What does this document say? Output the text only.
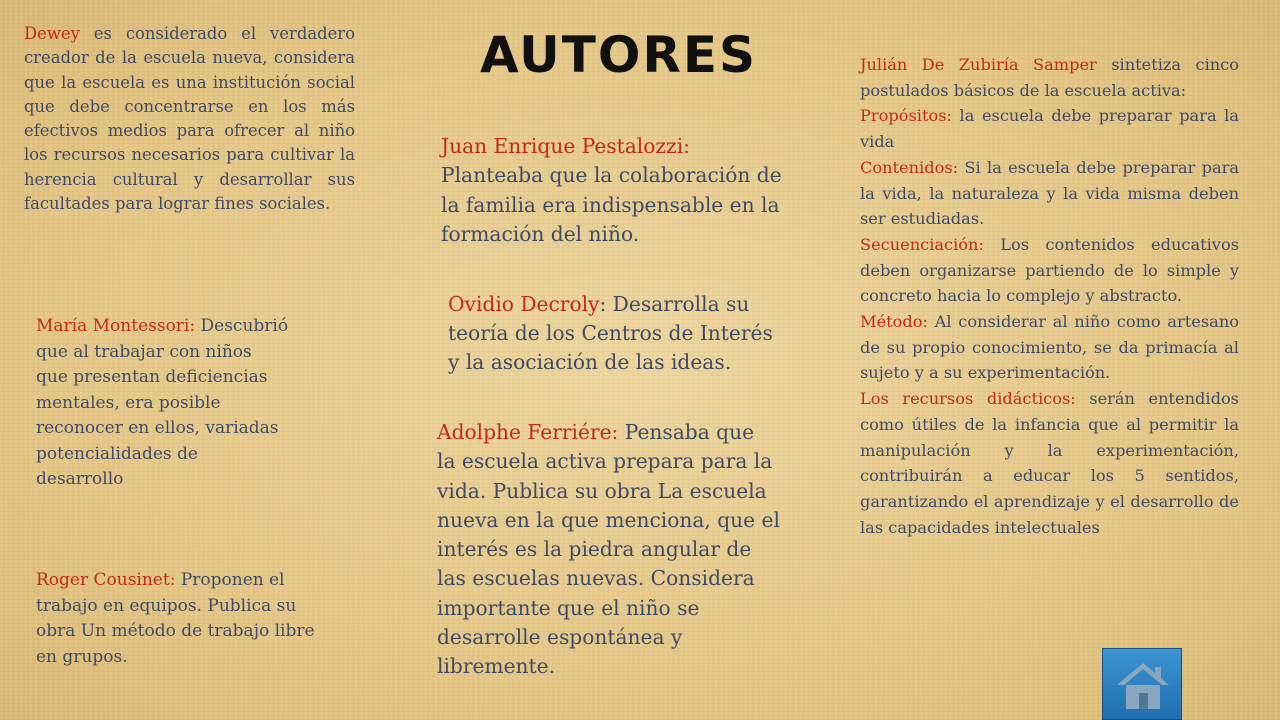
AUTORES
Dewey es considerado el verdadero creador de la escuela nueva, considera que la escuela es una institución social que debe concentrarse en los más efectivos medios para ofrecer al niño los recursos necesarios para cultivar la herencia cultural y desarrollar sus facultades para lograr fines sociales.
María Montessori: Descubrió
que al trabajar con niños
que presentan deficiencias
mentales, era posible
reconocer en ellos, variadas
potencialidades de
desarrollo
Roger Cousinet: Proponen el
trabajo en equipos. Publica su
obra Un método de trabajo libre
en grupos.
Juan Enrique Pestalozzi:
Planteaba que la colaboración de
la familia era indispensable en la
formación del niño.
Ovidio Decroly: Desarrolla su
teoría de los Centros de Interés
y la asociación de las ideas.
Adolphe Ferriére: Pensaba que
la escuela activa prepara para la
vida. Publica su obra La escuela
nueva en la que menciona, que el
interés es la piedra angular de
las escuelas nuevas. Considera
importante que el niño se
desarrolle espontánea y
libremente.

Julián De Zubiría Samper sintetiza cinco postulados básicos de la escuela activa:

Propósitos: la escuela debe preparar para la vida

Contenidos: Si la escuela debe preparar para la vida, la naturaleza y la vida misma deben ser estudiadas.

Secuenciación: Los contenidos educativos deben organizarse partiendo de lo simple y concreto hacia lo complejo y abstracto.

Método: Al considerar al niño como artesano de su propio conocimiento, se da primacía al sujeto y a su experimentación.

Los recursos didácticos: serán entendidos como útiles de la infancia que al permitir la manipulación y la experimentación, contribuirán a educar los 5 sentidos, garantizando el aprendizaje y el desarrollo de las capacidades intelectuales
